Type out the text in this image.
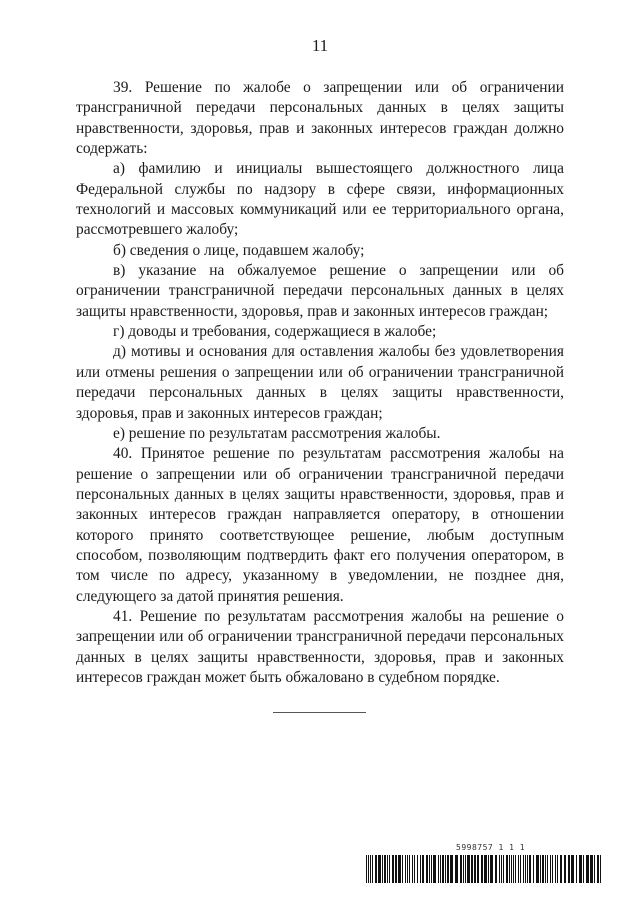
11

39. Решение по жалобе о запрещении или об ограничении трансграничной передачи персональных данных в целях защиты нравственности, здоровья, прав и законных интересов граждан должно содержать:

а) фамилию и инициалы вышестоящего должностного лица Федеральной службы по надзору в сфере связи, информационных технологий и массовых коммуникаций или ее территориального органа, рассмотревшего жалобу;

б) сведения о лице, подавшем жалобу;

в) указание на обжалуемое решение о запрещении или об ограничении трансграничной передачи персональных данных в целях защиты нравственности, здоровья, прав и законных интересов граждан;

г) доводы и требования, содержащиеся в жалобе;

д) мотивы и основания для оставления жалобы без удовлетворения или отмены решения о запрещении или об ограничении трансграничной передачи персональных данных в целях защиты нравственности, здоровья, прав и законных интересов граждан;

е) решение по результатам рассмотрения жалобы.

40. Принятое решение по результатам рассмотрения жалобы на решение о запрещении или об ограничении трансграничной передачи персональных данных в целях защиты нравственности, здоровья, прав и законных интересов граждан направляется оператору, в отношении которого принято соответствующее решение, любым доступным способом, позволяющим подтвердить факт его получения оператором, в том числе по адресу, указанному в уведомлении, не позднее дня, следующего за датой принятия решения.

41. Решение по результатам рассмотрения жалобы на решение о запрещении или об ограничении трансграничной передачи персональных данных в целях защиты нравственности, здоровья, прав и законных интересов граждан может быть обжаловано в судебном порядке.

5998757 1 1 1
